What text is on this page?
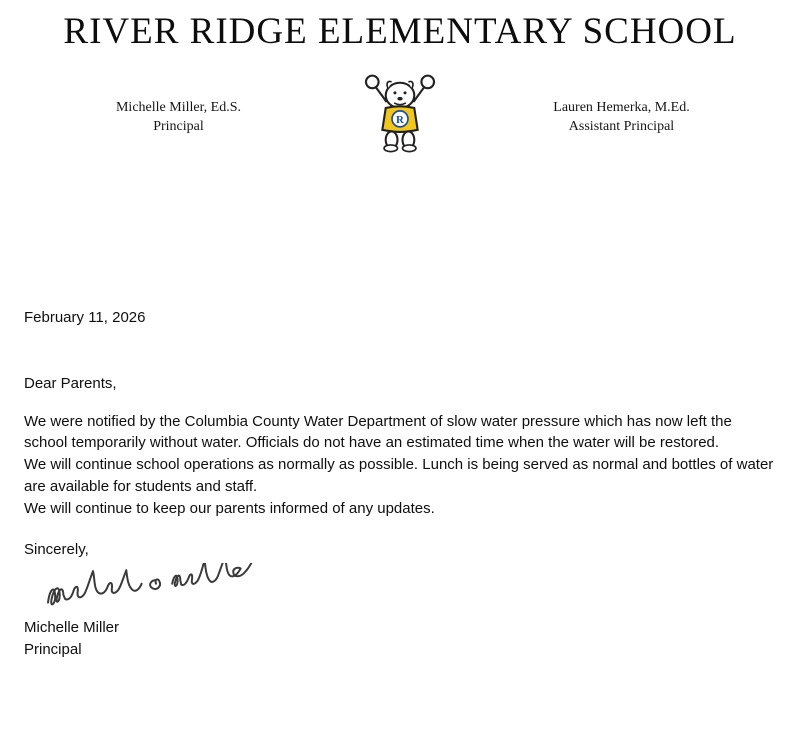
RIVER RIDGE ELEMENTARY SCHOOL
Michelle Miller, Ed.S.
Principal	R
Lauren Hemerka, M.Ed.
Assistant Principal

February 11, 2026

Dear Parents,

We were notified by the Columbia County Water Department of slow water pressure which has now left the school temporarily without water. Officials do not have an estimated time when the water will be restored.

We will continue school operations as normally as possible. Lunch is being served as normal and bottles of water are available for students and staff.

We will continue to keep our parents informed of any updates.

Sincerely,

Michelle Miller

Principal
